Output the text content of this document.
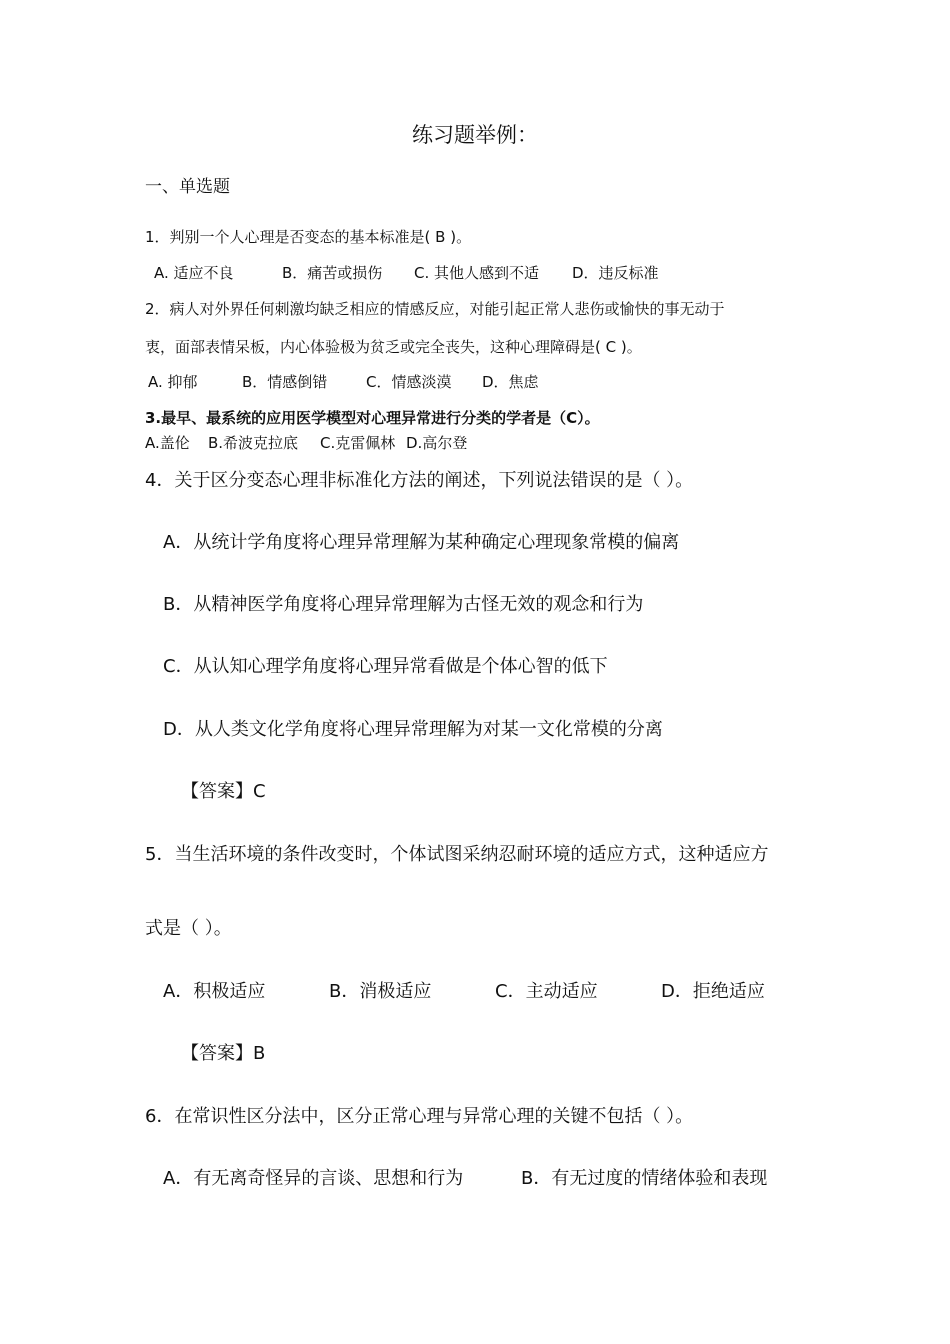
练习题举例：
一、单选题
1．判别一个人心理是否变态的基本标准是( B )。
A. 适应不良	B．痛苦或损伤 C. 其他人感到不适 D．违反标准
2．病人对外界任何刺激均缺乏相应的情感反应，对能引起正常人悲伤或愉快的事无动于
衷，面部表情呆板，内心体验极为贫乏或完全丧失，这种心理障碍是( C )。
A. 抑郁	B．情感倒错	C．情感淡漠 D．焦虑
3.最早、最系统的应用医学模型对心理异常进行分类的学者是（C）。
A.盖伦 B.希波克拉底 C.克雷佩林 D.高尔登
4．关于区分变态心理非标准化方法的阐述，下列说法错误的是（ ）。
A．从统计学角度将心理异常理解为某种确定心理现象常模的偏离
B．从精神医学角度将心理异常理解为古怪无效的观念和行为
C．从认知心理学角度将心理异常看做是个体心智的低下
D．从人类文化学角度将心理异常理解为对某一文化常模的分离
【答案】C
5．当生活环境的条件改变时，个体试图采纳忍耐环境的适应方式，这种适应方
式是（ ）。
A．积极适应	B．消极适应	C．主动适应	D．拒绝适应
【答案】B
6．在常识性区分法中，区分正常心理与异常心理的关键不包括（ ）。
A．有无离奇怪异的言谈、思想和行为	B．有无过度的情绪体验和表现
